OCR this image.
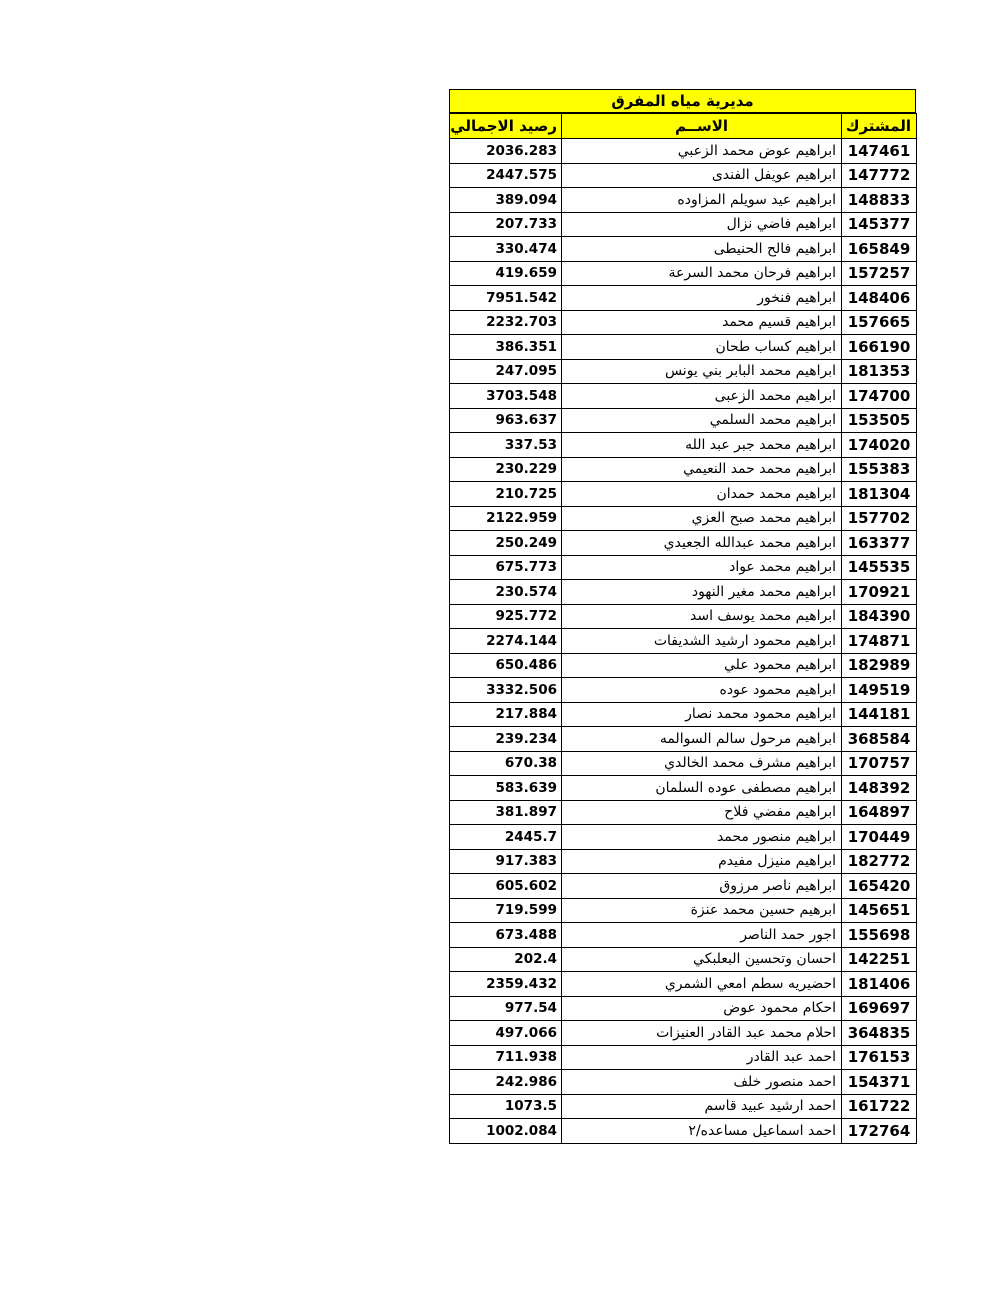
مديرية مياه المفرق
رصيد الاجمالي	الاســم	المشترك
2036.283	ابراهيم عوض محمد الزعبي	147461
2447.575	ابراهيم عويفل الفندى	147772
389.094	ابراهيم عيد سويلم المزاوده	148833
207.733	ابراهيم فاضي نزال	145377
330.474	ابراهيم فالح الحنيطى	165849
419.659	ابراهيم فرحان محمد السرعة	157257
7951.542	ابراهيم فنخور	148406
2232.703	ابراهيم قسيم محمد	157665
386.351	ابراهيم كساب طحان	166190
247.095	ابراهيم محمد البابر بني يونس	181353
3703.548	ابراهيم محمد الزعبى	174700
963.637	ابراهيم محمد السلمي	153505
337.53	ابراهيم محمد جبر عبد الله	174020
230.229	ابراهيم محمد حمد النعيمي	155383
210.725	ابراهيم محمد حمدان	181304
2122.959	ابراهيم محمد صبح العزي	157702
250.249	ابراهيم محمد عبدالله الجعيدي	163377
675.773	ابراهيم محمد عواد	145535
230.574	ابراهيم محمد مغير النهود	170921
925.772	ابراهيم محمد يوسف اسد	184390
2274.144	ابراهيم محمود ارشيد الشديفات	174871
650.486	ابراهيم محمود علي	182989
3332.506	ابراهيم محمود عوده	149519
217.884	ابراهيم محمود محمد نصار	144181
239.234	ابراهيم مرحول سالم السوالمه	368584
670.38	ابراهيم مشرف محمد الخالدي	170757
583.639	ابراهيم مصطفى عوده السلمان	148392
381.897	ابراهيم مفضي فلاح	164897
2445.7	ابراهيم منصور محمد	170449
917.383	ابراهيم منيزل مفيدم	182772
605.602	ابراهيم ناصر مرزوق	165420
719.599	ابرهيم حسين محمد عنزة	145651
673.488	اجور حمد الناصر	155698
202.4	احسان وتحسين البعلبكي	142251
2359.432	احضيريه سطم امعي الشمري	181406
977.54	احكام محمود عوض	169697
497.066	احلام محمد عبد القادر العنيزات	364835
711.938	احمد عبد القادر	176153
242.986	احمد منصور خلف	154371
1073.5	احمد ارشيد عبيد قاسم	161722
1002.084	احمد اسماعيل مساعده/٢	172764
